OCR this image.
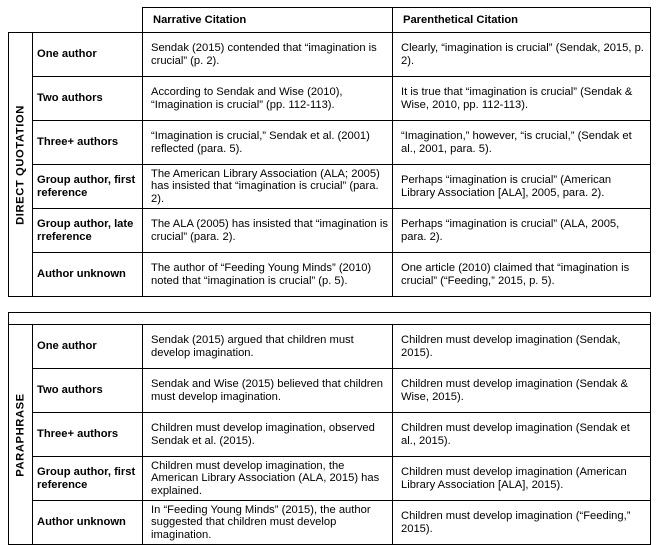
		Narrative Citation	Parenthetical Citation

DIRECT QUOTATION	One author	Sendak (2015) contended that “imagination is crucial” (p. 2).	Clearly, “imagination is crucial” (Sendak, 2015, p. 2).
	Two authors	According to Sendak and Wise (2010), “Imagination is crucial” (pp. 112-113).	It is true that “imagination is crucial” (Sendak & Wise, 2010, pp. 112-113).
	Three+ authors	“Imagination is crucial,” Sendak et al. (2001) reflected (para. 5).	“Imagination,” however, “is crucial,” (Sendak et al., 2001, para. 5).
	Group author, first reference	The American Library Association (ALA; 2005) has insisted that “imagination is crucial” (para. 2).	Perhaps “imagination is crucial” (American Library Association [ALA], 2005, para. 2).
	Group author, late rreference	The ALA (2005) has insisted that “imagination is crucial” (para. 2).	Perhaps “imagination is crucial” (ALA, 2005, para. 2).
	Author unknown	The author of “Feeding Young Minds” (2010) noted that “imagination is crucial” (p. 5).	One article (2010) claimed that “imagination is crucial” (“Feeding,” 2015, p. 5).

PARAPHRASE	One author	Sendak (2015) argued that children must develop imagination.	Children must develop imagination (Sendak, 2015).
	Two authors	Sendak and Wise (2015) believed that children must develop imagination.	Children must develop imagination (Sendak & Wise, 2015).
	Three+ authors	Children must develop imagination, observed Sendak et al. (2015).	Children must develop imagination (Sendak et al., 2015).
	Group author, first reference	Children must develop imagination, the American Library Association (ALA, 2015) has explained.	Children must develop imagination (American Library Association [ALA], 2015).
	Author unknown	In “Feeding Young Minds” (2015), the author suggested that children must develop imagination.	Children must develop imagination (“Feeding,” 2015).
